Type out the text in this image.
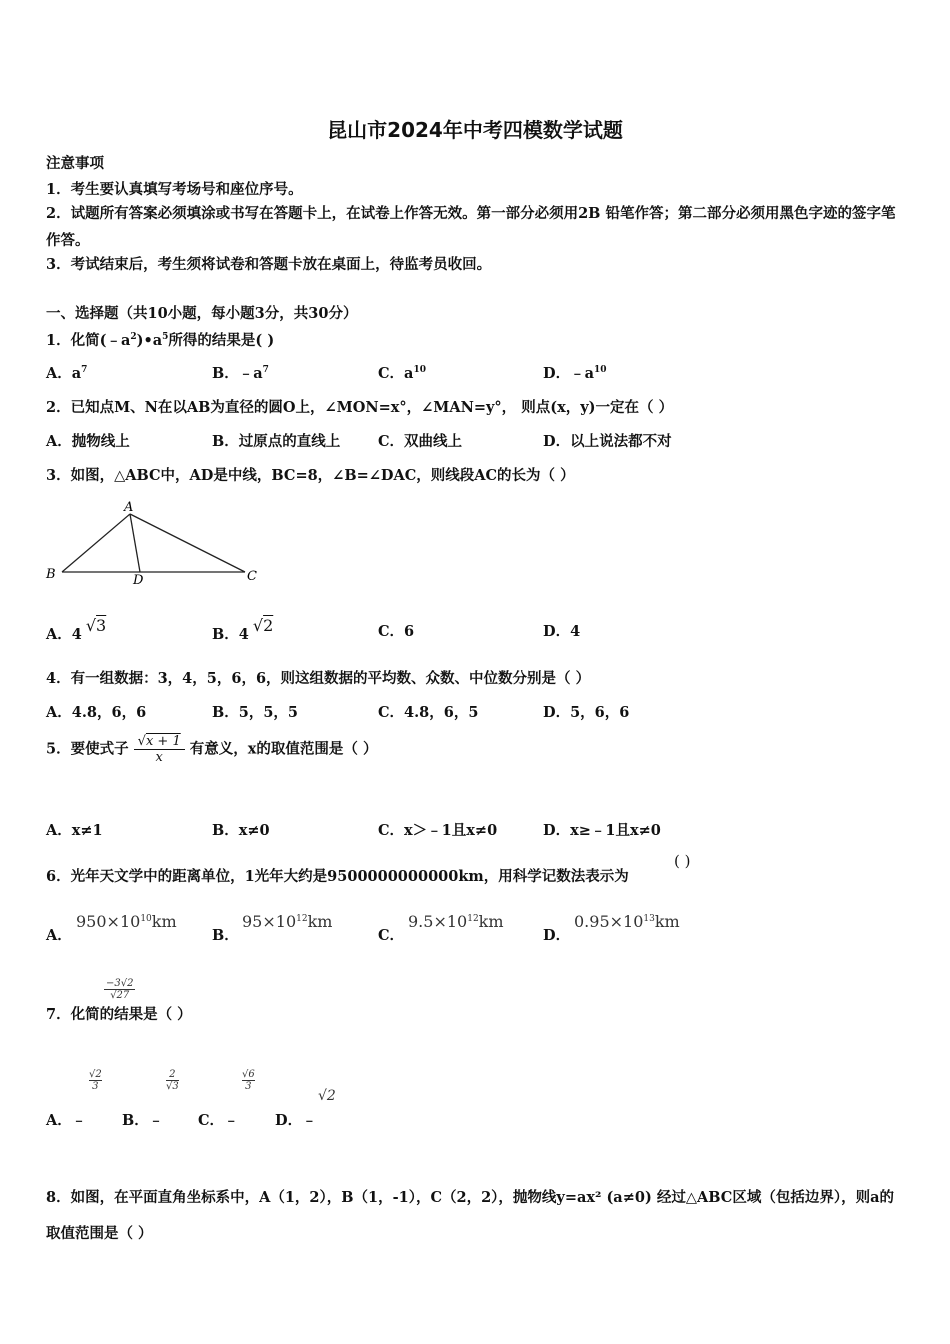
昆山市2024年中考四模数学试题
注意事项
1．考生要认真填写考场号和座位序号。
2．试题所有答案必须填涂或书写在答题卡上，在试卷上作答无效。第一部分必须用2B 铅笔作答；第二部分必须用黑色字迹的签字笔作答。
3．考试结束后，考生须将试卷和答题卡放在桌面上，待监考员收回。
一、选择题（共10小题，每小题3分，共30分）
1．化简$(﹣a^2)•a^5$所得的结果是( )
A．$a^7$	B．$﹣a^7$	C．$a^{10}$	D．$﹣a^{10}$
2．已知点M、N在以AB为直径的圆O上，∠MON=x°，∠MAN=y°， 则点(x，y)一定在（ ）
A．抛物线上	B．过原点的直线上	C．双曲线上	D．以上说法都不对
3．如图，△ABC中，AD是中线，BC=8，∠B=∠DAC，则线段AC的长为（ ）
A
B	D	C
A．4 √3	B．4 √2	C．6	D．4
4．有一组数据：3，4，5，6，6，则这组数据的平均数、众数、中位数分别是（ ）
A．4.8，6，6	B．5，5，5	C．4.8，6，5	D．5，6，6
5．要使式子 $\frac{√x + 1}{x}$ 有意义，x的取值范围是（ ）
A．x≠1	B．x≠0	C．x＞﹣1且x≠0	D．x≥﹣1且x≠0
6．光年天文学中的距离单位，1光年大约是9500000000000km，用科学记数法表示为
( )
A．
$950\times 10^{10}km$
B．
$95\times 10^{12}km$
C．
$9.5\times 10^{12}km$
D．
$0.95\times 10^{13}km$
7．化简的结果是（ ）
−3√2
√27
√2
3
2
√3
√6
3
√2
A．﹣ B．﹣ C．﹣	D．﹣
8．如图，在平面直角坐标系中，A（1，2），B（1，-1），C（2，2），抛物线y=ax² (a≠0) 经过△ABC区域（包括边界），则a的取值范围是（ ）
